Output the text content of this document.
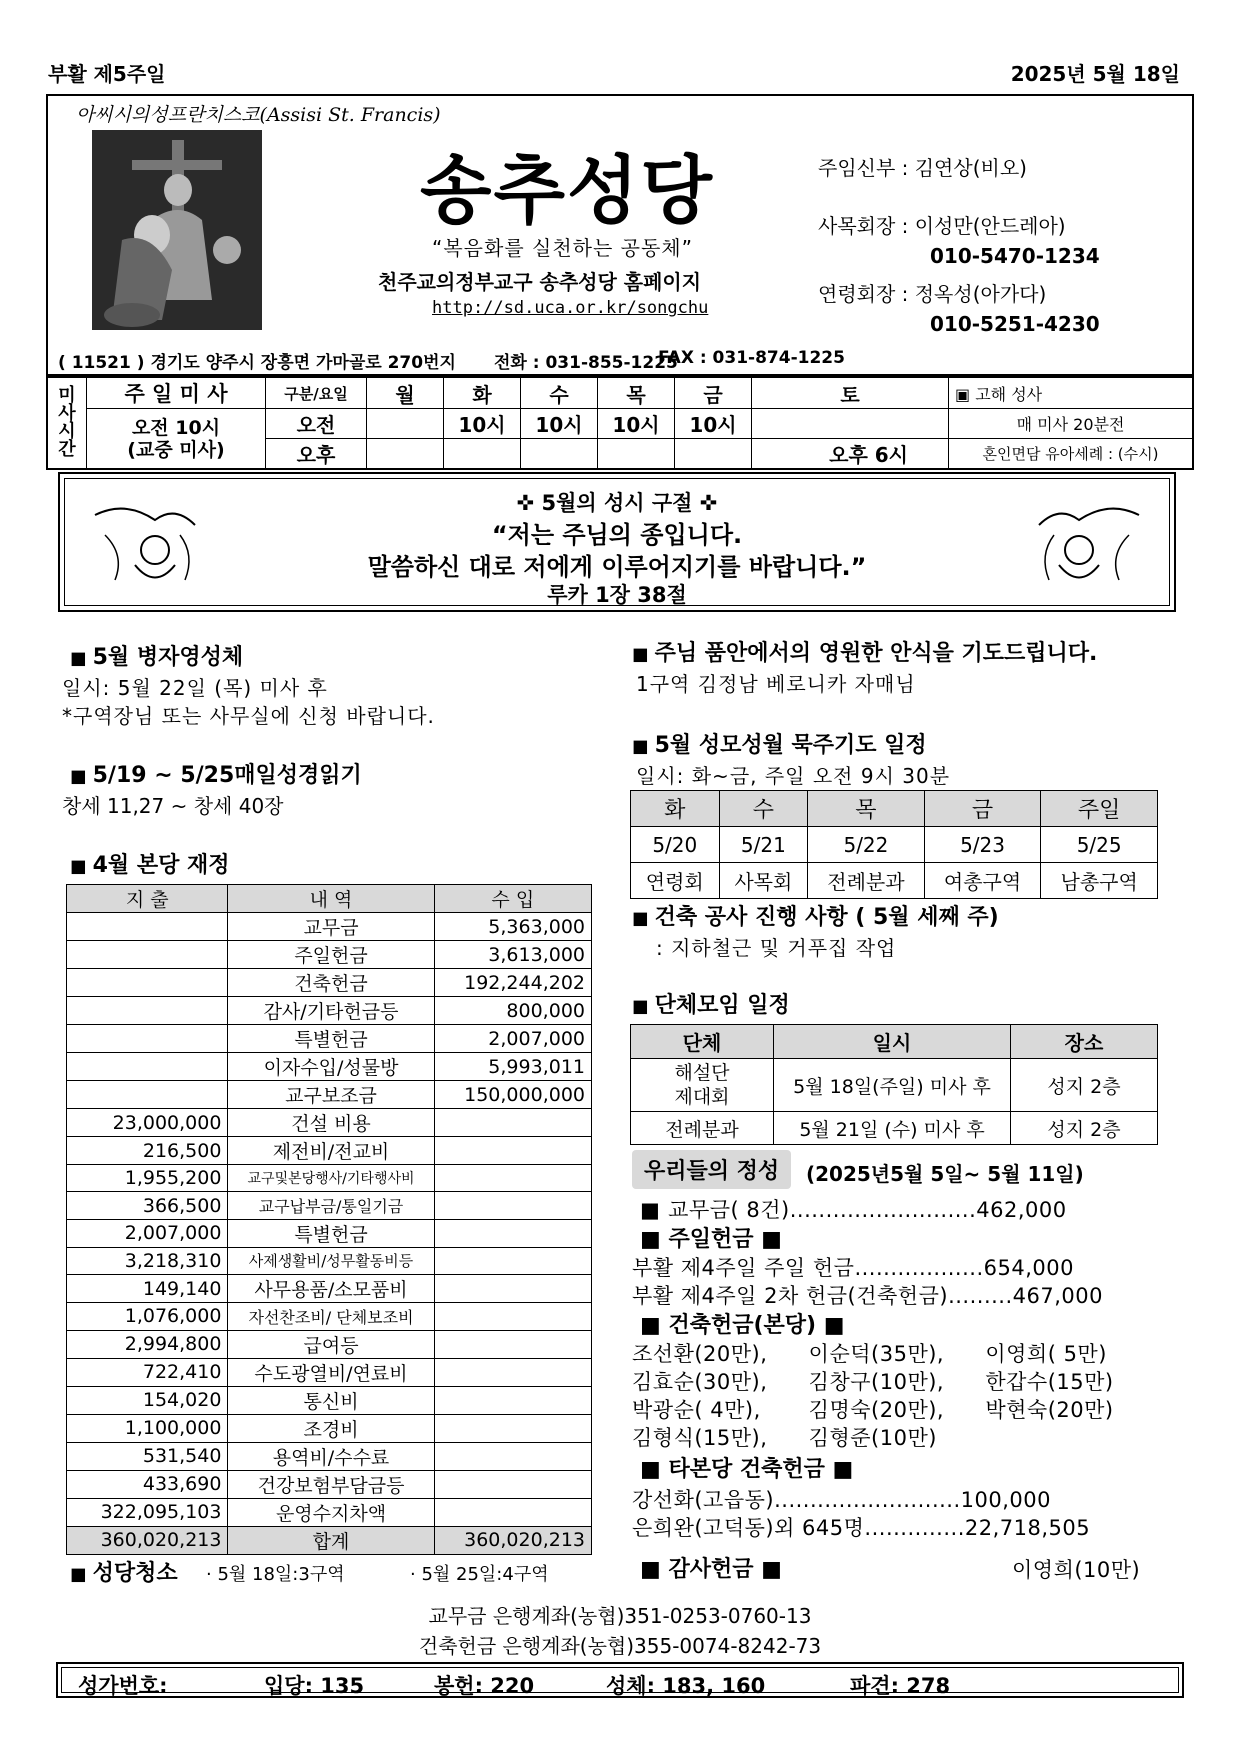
부활 제5주일	2025년 5월 18일
아씨시의성프란치스코(Assisi St. Francis)
송추성당
“복음화를 실천하는 공동체”
천주교의정부교구 송추성당 홈페이지
http://sd.uca.or.kr/songchu
주임신부 : 김연상(비오)
사목회장 : 이성만(안드레아)
010-5470-1234
연령회장 : 정옥성(아가다)
010-5251-4230
( 11521 ) 경기도 양주시 장흥면 가마골로 270번지 전화 : 031-855-1225
FAX : 031-874-1225
미
사
시
간	주 일 미 사	구분/요일	월	화	수	목	금	토	▣ 고해 성사
	오전 10시
(교중 미사)	오전		10시	10시	10시	10시		매 미사 20분전
		오후						오후 6시	혼인면담 유아세례 : (수시)
✜ 5월의 성시 구절 ✜
“저는 주님의 종입니다.
말씀하신 대로 저에게 이루어지기를 바랍니다.”
루카 1장 38절
■ 5월 병자영성체
일시: 5월 22일 (목) 미사 후
*구역장님 또는 사무실에 신청 바랍니다.
■ 5/19 ~ 5/25매일성경읽기
창세 11,27 ~ 창세 40장
■ 4월 본당 재정
지 출	내 역	수 입
	교무금	5,363,000
	주일헌금	3,613,000
	건축헌금	192,244,202
	감사/기타헌금등	800,000
	특별헌금	2,007,000
	이자수입/성물방	5,993,011
	교구보조금	150,000,000
23,000,000	건설 비용	
216,500	제전비/전교비	
1,955,200	교구및본당행사/기타행사비	
366,500	교구납부금/통일기금	
2,007,000	특별헌금	
3,218,310	사제생활비/성무활동비등	
149,140	사무용품/소모품비	
1,076,000	자선찬조비/ 단체보조비	
2,994,800	급여등	
722,410	수도광열비/연료비	
154,020	통신비	
1,100,000	조경비	
531,540	용역비/수수료	
433,690	건강보험부담금등	
322,095,103	운영수지차액	
360,020,213	합계	360,020,213
■ 성당청소 · 5월 18일:3구역	· 5월 25일:4구역
■ 주님 품안에서의 영원한 안식을 기도드립니다.
1구역 김정남 베로니카 자매님
■ 5월 성모성월 묵주기도 일정
일시: 화~금, 주일 오전 9시 30분
화	수	목	금	주일
5/20	5/21	5/22	5/23	5/25
연령회	사목회	전례분과	여총구역	남총구역
■ 건축 공사 진행 사항 ( 5월 세째 주)
: 지하철근 및 거푸집 작업
■ 단체모임 일정
단체	일시	장소
해설단
제대회	5월 18일(주일) 미사 후	성지 2층
전례분과	5월 21일 (수) 미사 후	성지 2층
우리들의 정성	(2025년5월 5일~ 5월 11일)
■ 교무금( 8건)..........................462,000
■ 주일헌금 ■
부활 제4주일 주일 헌금..................654,000
부활 제4주일 2차 헌금(건축헌금).........467,000
■ 건축헌금(본당) ■
조선환(20만),	이순덕(35만),	이영희( 5만)
김효순(30만),	김창구(10만),	한갑수(15만)
박광순( 4만),	김명숙(20만),	박현숙(20만)
김형식(15만),	김형준(10만)
■ 타본당 건축헌금 ■
강선화(고읍동)..........................100,000
은희완(고덕동)외 645명..............22,718,505
■ 감사헌금 ■	이영희(10만)
교무금 은행계좌(농협)351-0253-0760-13
건축헌금 은행계좌(농협)355-0074-8242-73
성가번호:	입당: 135	봉헌: 220	성체: 183, 160	파견: 278
